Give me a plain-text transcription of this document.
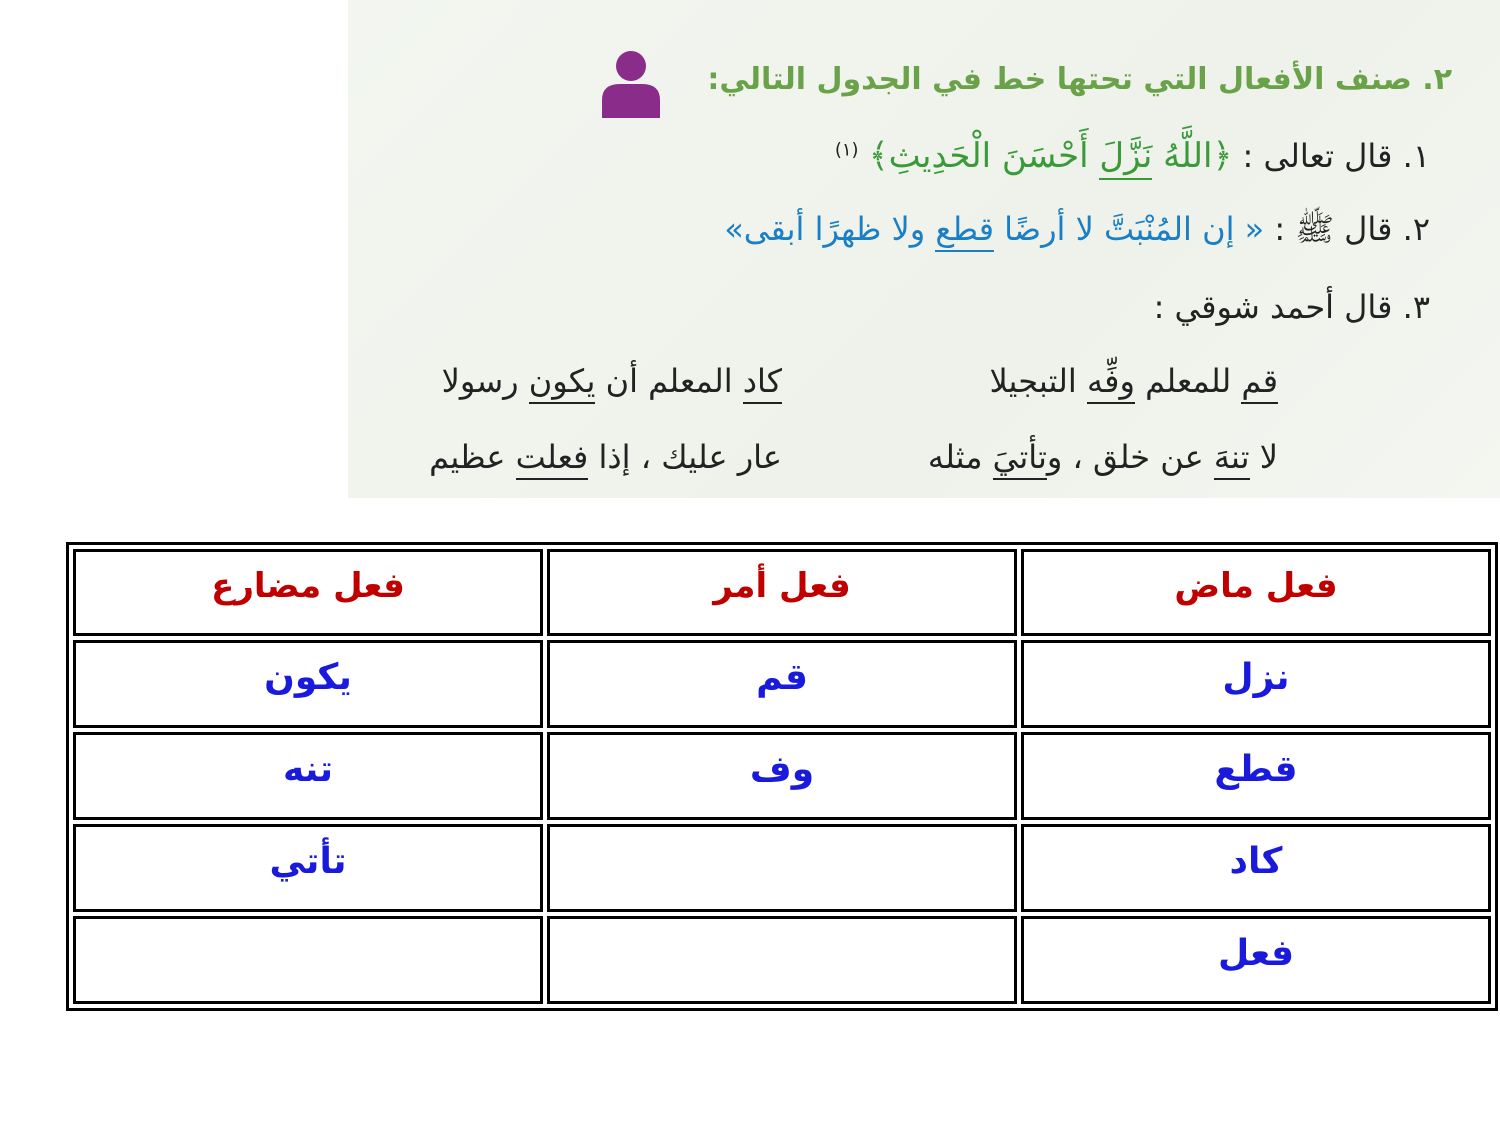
٢. صنف الأفعال التي تحتها خط في الجدول التالي:
١. قال تعالى : ﴿اللَّهُ نَزَّلَ أَحْسَنَ الْحَدِيثِ﴾ $^{(١)}$
٢. قال ﷺ : « إن المُنْبَتَّ لا أرضًا قطع ولا ظهرًا أبقى»
٣. قال أحمد شوقي :
قم للمعلم وفِّه التبجيلا
كاد المعلم أن يكون رسولا
لا تنهَ عن خلق ، وتأتيَ مثله
عار عليك ، إذا فعلت عظيم
فعل ماض	فعل أمر	فعل مضارع
نزل	قم	يكون
قطع	وف	تنه
كاد		تأتي
فعل		
